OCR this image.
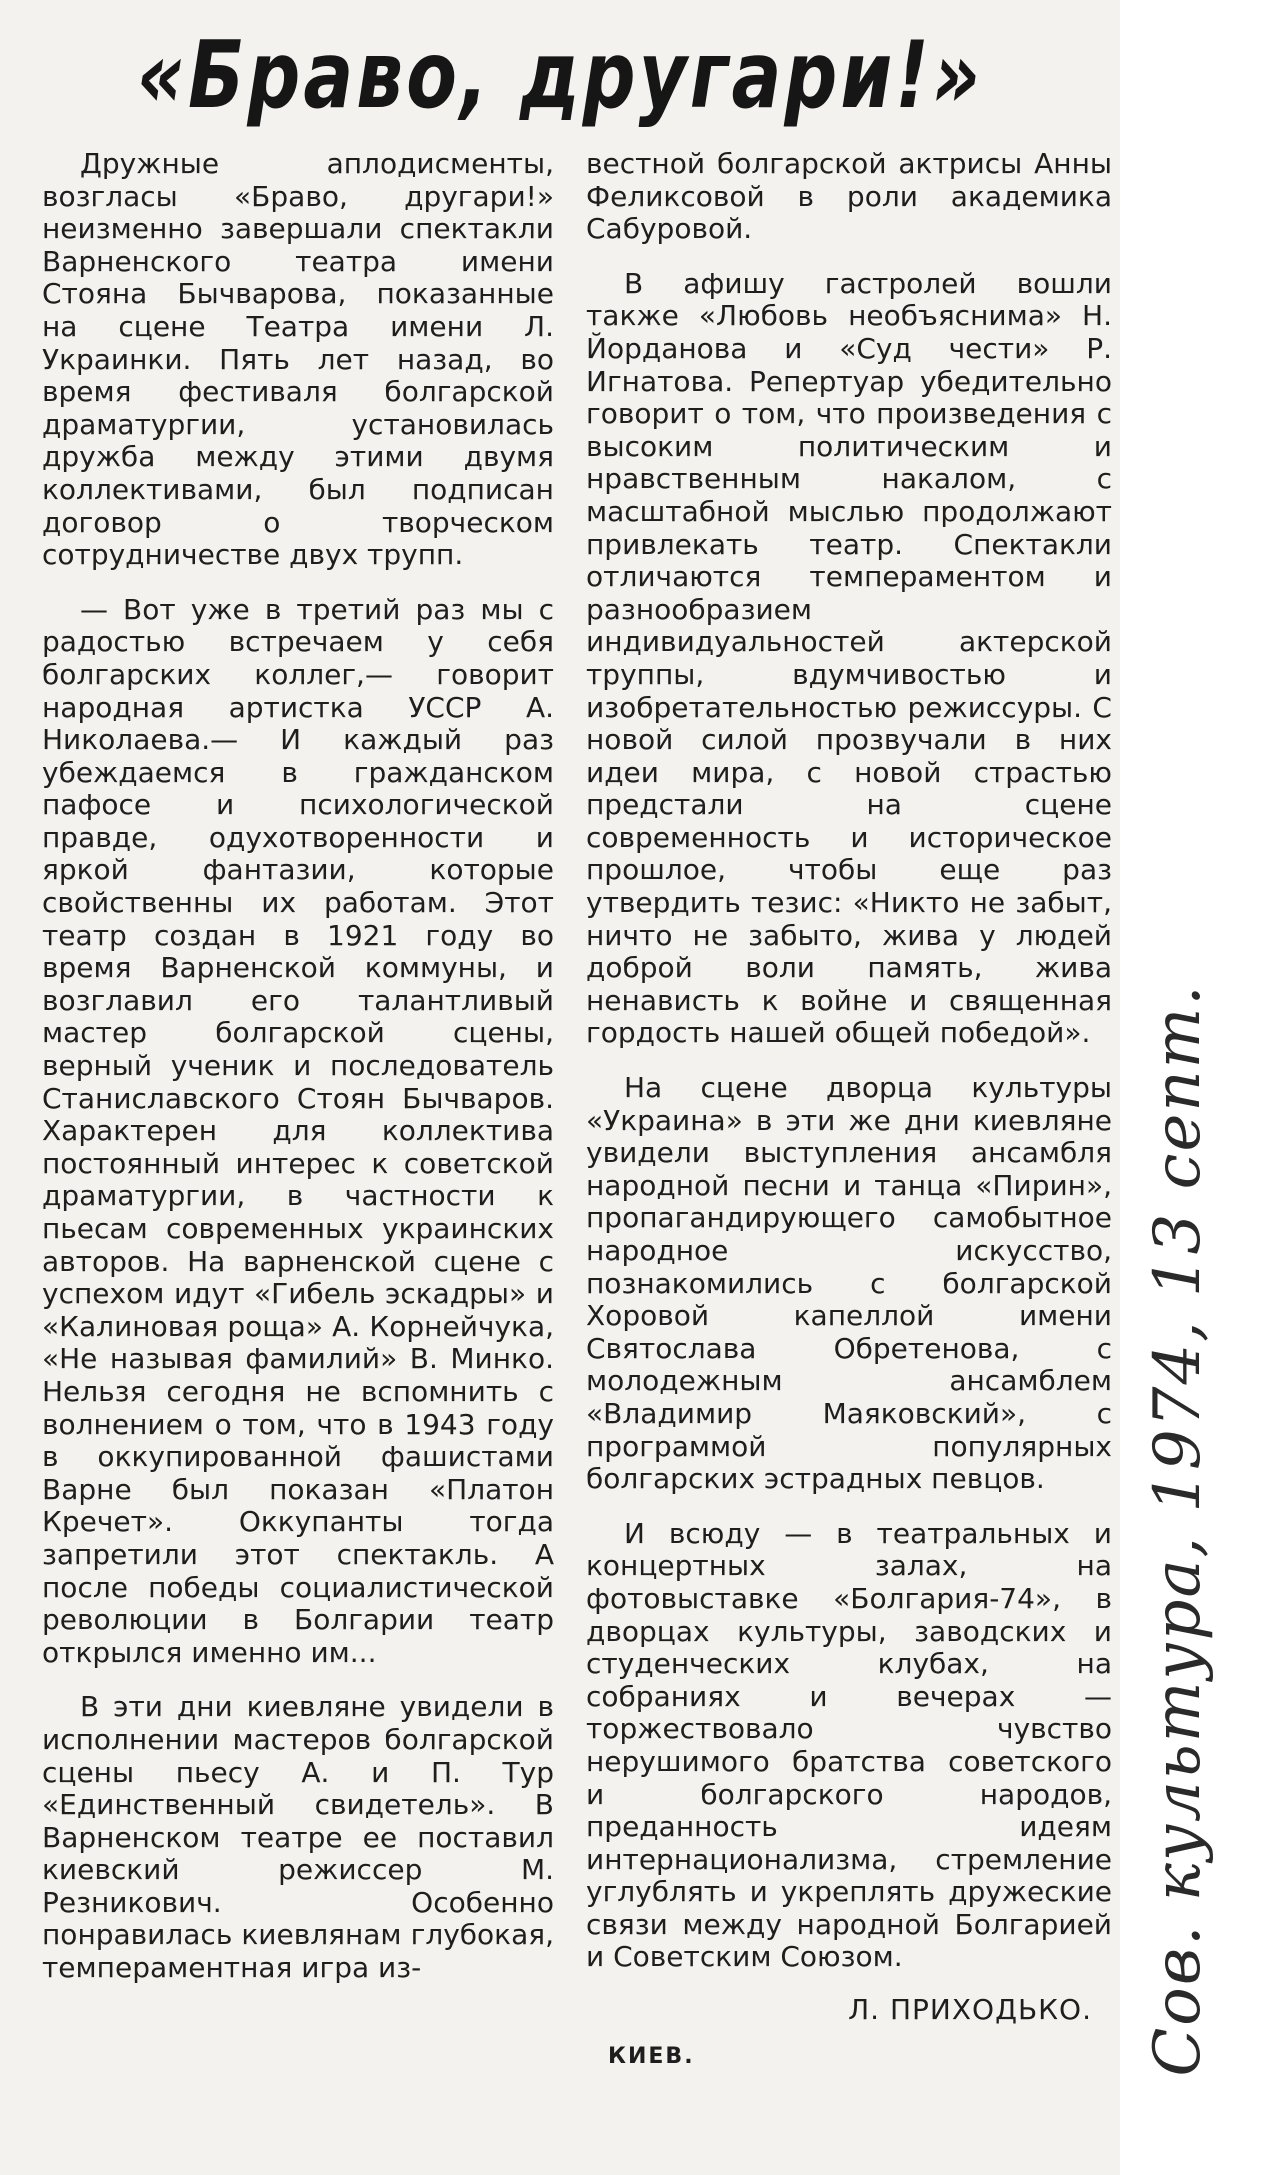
«Браво, другари!»

Дружные аплодисменты, возгласы «Браво, другари!» неизменно завершали спектакли Варненского театра имени Стояна Бычварова, показанные на сцене Театра имени Л. Украинки. Пять лет назад, во время фестиваля болгарской драматургии, установилась дружба между этими двумя коллективами, был подписан договор о творческом сотрудничестве двух трупп.

— Вот уже в третий раз мы с радостью встречаем у себя болгарских коллег,— говорит народная артистка УССР А. Николаева.— И каждый раз убеждаемся в гражданском пафосе и психологической правде, одухотворенности и яркой фантазии, которые свойственны их работам. Этот театр создан в 1921 году во время Варненской коммуны, и возглавил его талантливый мастер болгарской сцены, верный ученик и последователь Станиславского Стоян Бычваров. Характерен для коллектива постоянный интерес к советской драматургии, в частности к пьесам современных украинских авторов. На варненской сцене с успехом идут «Гибель эскадры» и «Калиновая роща» А. Корнейчука, «Не называя фамилий» В. Минко. Нельзя сегодня не вспомнить с волнением о том, что в 1943 году в оккупированной фашистами Варне был показан «Платон Кречет». Оккупанты тогда запретили этот спектакль. А после победы социалистической революции в Болгарии театр открылся именно им...

В эти дни киевляне увидели в исполнении мастеров болгарской сцены пьесу А. и П. Тур «Единственный свидетель». В Варненском театре ее поставил киевский режиссер М. Резникович. Особенно понравилась киевлянам глубокая, темпераментная игра из-

вестной болгарской актрисы Анны Феликсовой в роли академика Сабуровой.

В афишу гастролей вошли также «Любовь необъяснима» Н. Йорданова и «Суд чести» Р. Игнатова. Репертуар убедительно говорит о том, что произведения с высоким политическим и нравственным накалом, с масштабной мыслью продолжают привлекать театр. Спектакли отличаются темпераментом и разнообразием индивидуальностей актерской труппы, вдумчивостью и изобретательностью режиссуры. С новой силой прозвучали в них идеи мира, с новой страстью предстали на сцене современность и историческое прошлое, чтобы еще раз утвердить тезис: «Никто не забыт, ничто не забыто, жива у людей доброй воли память, жива ненависть к войне и священная гордость нашей общей победой».

На сцене дворца культуры «Украина» в эти же дни киевляне увидели выступления ансамбля народной песни и танца «Пирин», пропагандирующего самобытное народное искусство, познакомились с болгарской Хоровой капеллой имени Святослава Обретенова, с молодежным ансамблем «Владимир Маяковский», с программой популярных болгарских эстрадных певцов.

И всюду — в театральных и концертных залах, на фотовыставке «Болгария-74», в дворцах культуры, заводских и студенческих клубах, на собраниях и вечерах — торжествовало чувство нерушимого братства советского и болгарского народов, преданность идеям интернационализма, стремление углублять и укреплять дружеские связи между народной Болгарией и Советским Союзом.

Л. ПРИХОДЬКО.

КИЕВ.	Сов. культура, 1974, 13 септ.
